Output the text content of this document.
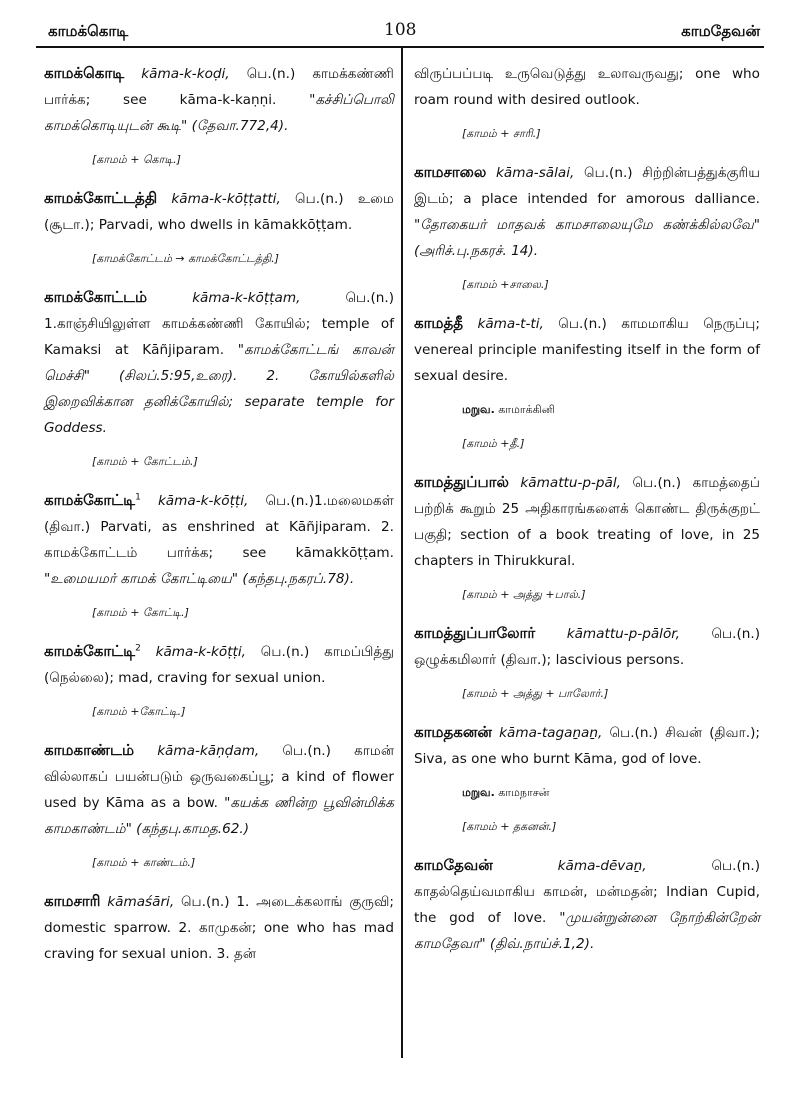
காமக்கொடி	108	காமதேவன்
காமக்கொடி kāma-k-koḍi, பெ.(n.) காமக்கண்ணி பார்க்க; see kāma-k-kaṇṇi. "கச்சிப்பொலி காமக்கொடியுடன் கூடி" (தேவா.772,4).
[காமம் + கொடி.]
காமக்கோட்டத்தி kāma-k-kōṭṭatti, பெ.(n.) உமை (சூடா.); Parvadi, who dwells in kāmakkōṭṭam.
[காமக்கோட்டம் → காமக்கோட்டத்தி.]
காமக்கோட்டம்	kāma-k-kōṭṭam,	பெ.(n.) 1.காஞ்சியிலுள்ள காமக்கண்ணி கோயில்; temple of Kamaksi at Kāñjiparam. "காமக்கோட்டங் காவன் மெச்சி" (சிலப்.5:95,உரை). 2. கோயில்களில் இறைவிக்கான தனிக்கோயில்; separate temple for Goddess.
[காமம் + கோட்டம்.]
காமக்கோட்டி$^1$ kāma-k-kōṭṭi, பெ.(n.)1.மலைமகள் (திவா.) Parvati, as enshrined at Kāñjiparam. 2. காமக்கோட்டம் பார்க்க; see kāmakkōṭṭam. "உமையமர் காமக் கோட்டியை" (கந்தபு.நகரப்.78).
[காமம் + கோட்டி.]
காமக்கோட்டி$^2$ kāma-k-kōṭṭi, பெ.(n.) காமப்பித்து (நெல்லை); mad, craving for sexual union.
[காமம் +கோட்டி.]
காமகாண்டம் kāma-kāṇḍam, பெ.(n.) காமன் வில்லாகப் பயன்படும் ஒருவகைப்பூ; a kind of flower used by Kāma as a bow. "கயக்க ணின்ற பூவின்மிக்க காமகாண்டம்" (கந்தபு.காமத.62.)
[காமம் + காண்டம்.]
காமசாரி kāmaśāri, பெ.(n.) 1. அடைக்கலாங் குருவி; domestic sparrow. 2. காமுகன்; one who has mad craving for sexual union. 3. தன்
விருப்பப்படி உருவெடுத்து உலாவருவது; one who roam round with desired outlook.
[காமம் + சாரி.]
காமசாலை kāma-sālai, பெ.(n.) சிற்றின்பத்துக்குரிய இடம்; a place intended for amorous dalliance. "தோகையர் மாதவக் காமசாலையுமே கண்க்கில்லவே" (அரிச்.பு.நகரச். 14).
[காமம் +சாலை.]
காமத்தீ kāma-t-ti, பெ.(n.) காமமாகிய நெருப்பு; venereal principle manifesting itself in the form of sexual desire.
மறுவ. காமாக்கினி
[காமம் +தீ.]
காமத்துப்பால் kāmattu-p-pāl, பெ.(n.) காமத்தைப் பற்றிக் கூறும் 25 அதிகாரங்களைக் கொண்ட திருக்குறட் பகுதி; section of a book treating of love, in 25 chapters in Thirukkural.
[காமம் + அத்து +பால்.]
காமத்துப்பாலோர் kāmattu-p-pālōr, பெ.(n.) ஒழுக்கமிலார் (திவா.); lascivious persons.
[காமம் + அத்து + பாலோர்.]
காமதகனன் kāma-tagaṉaṉ, பெ.(n.) சிவன் (திவா.); Siva, as one who burnt Kāma, god of love.
மறுவ. காமநாசன்
[காமம் + தகனன்.]
காமதேவன்	kāma-dēvaṉ,	பெ.(n.) காதல்தெய்வமாகிய காமன், மன்மதன்; Indian Cupid, the god of love. "முயன்றுன்னை நோற்கின்றேன் காமதேவா" (திவ்.நாய்ச்.1,2).
